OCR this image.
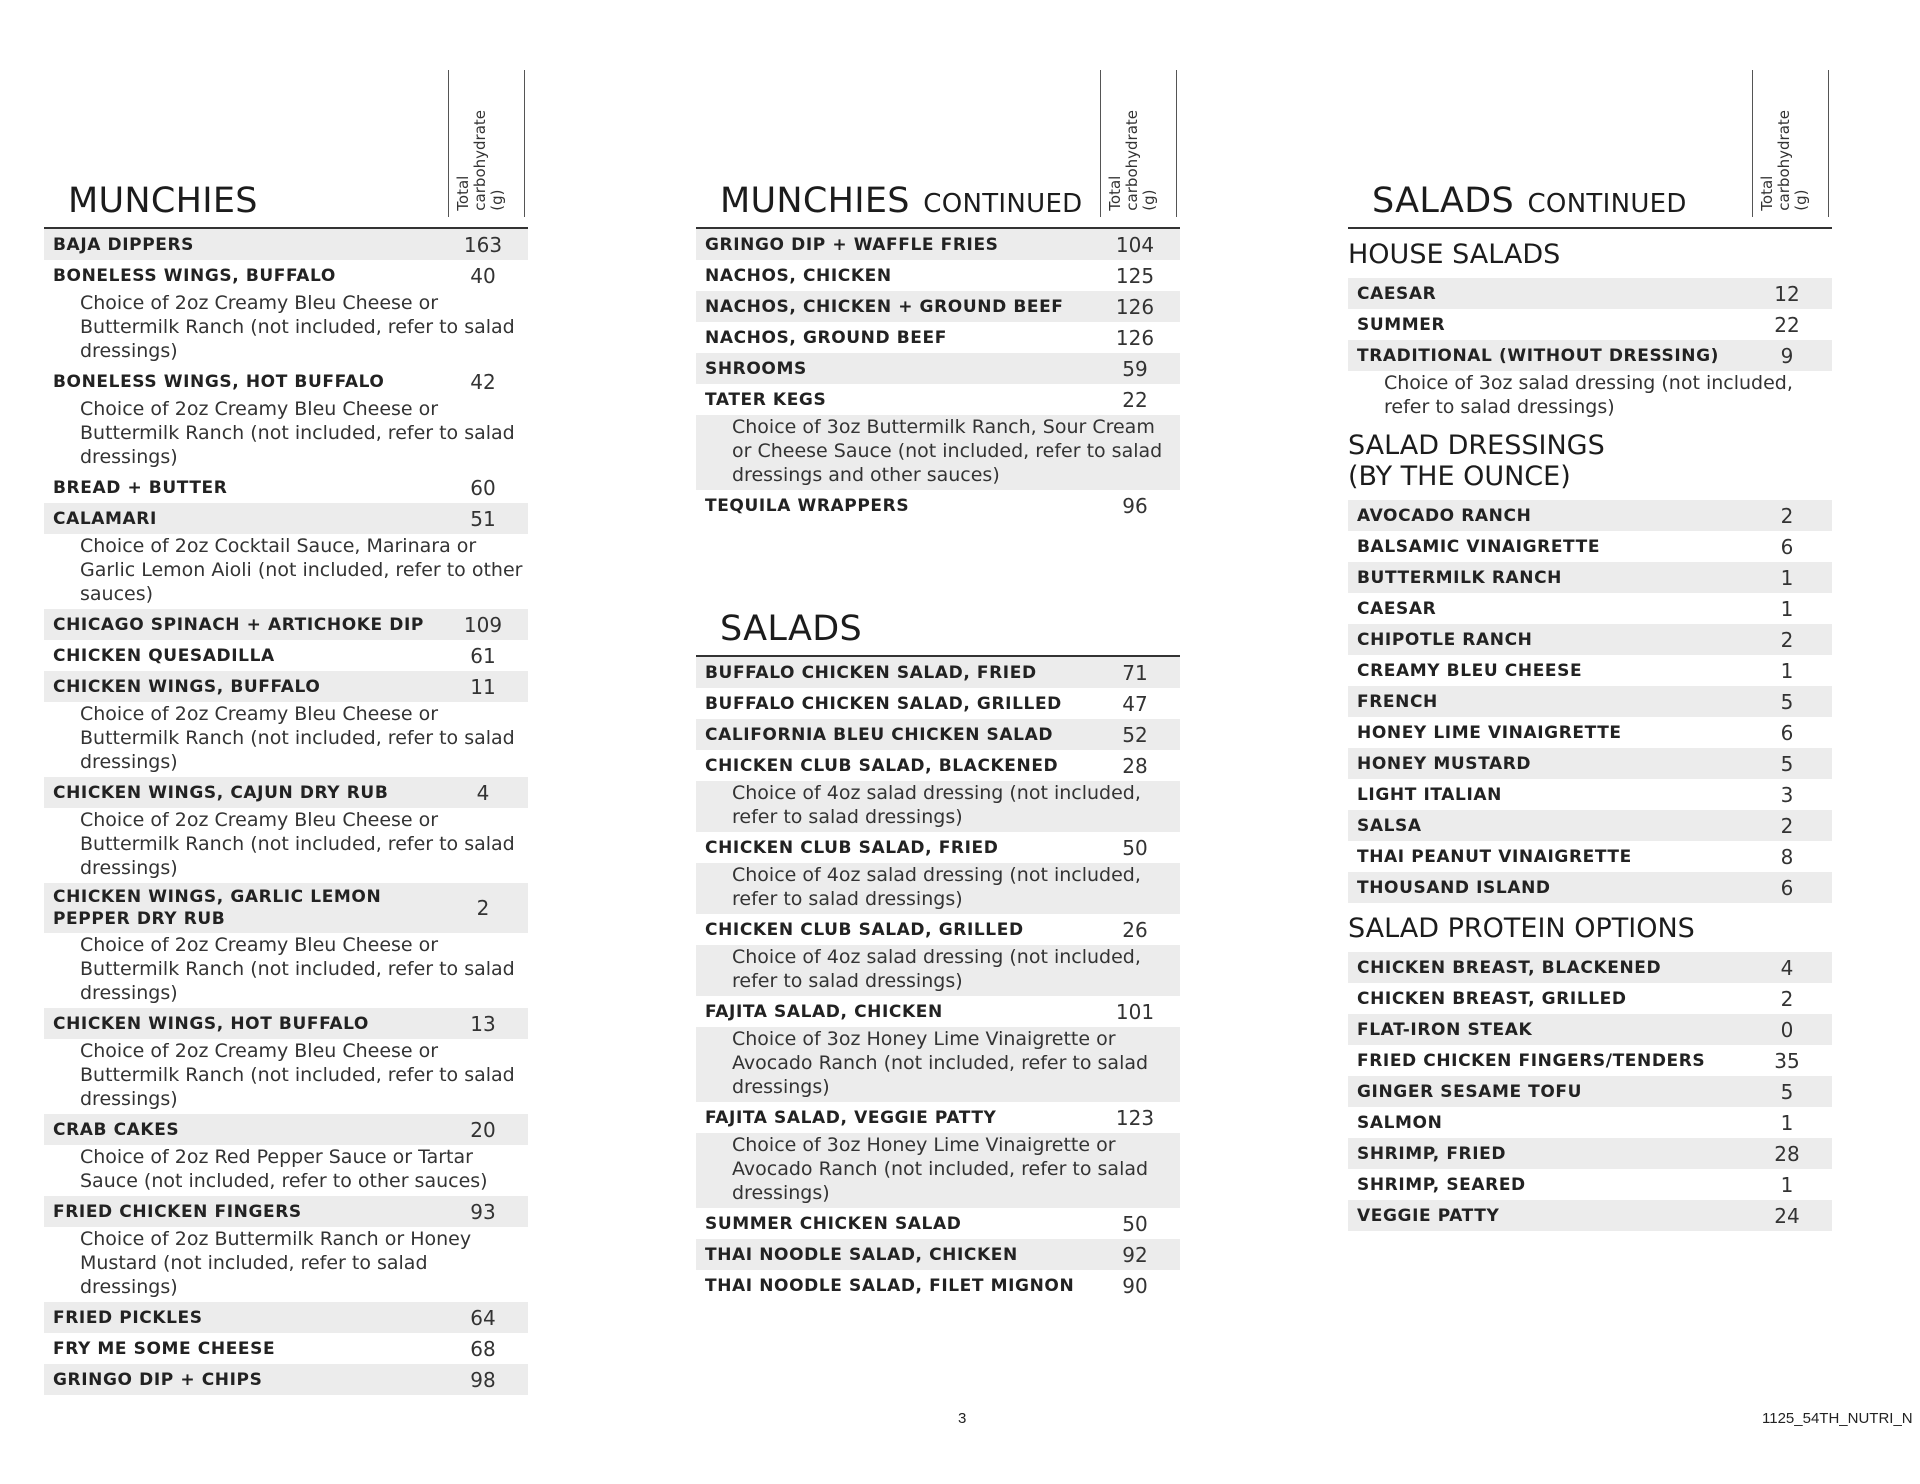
MUNCHIES	Total
carbohydrate
(g)
BAJA DIPPERS	163
BONELESS WINGS, BUFFALO	40
Choice of 2oz Creamy Bleu Cheese or Buttermilk Ranch (not included, refer to salad dressings)
BONELESS WINGS, HOT BUFFALO	42
Choice of 2oz Creamy Bleu Cheese or Buttermilk Ranch (not included, refer to salad dressings)
BREAD + BUTTER	60
CALAMARI	51
Choice of 2oz Cocktail Sauce, Marinara or Garlic Lemon Aioli (not included, refer to other sauces)
CHICAGO SPINACH + ARTICHOKE DIP	109
CHICKEN QUESADILLA	61
CHICKEN WINGS, BUFFALO	11
Choice of 2oz Creamy Bleu Cheese or Buttermilk Ranch (not included, refer to salad dressings)
CHICKEN WINGS, CAJUN DRY RUB	4
Choice of 2oz Creamy Bleu Cheese or Buttermilk Ranch (not included, refer to salad dressings)
CHICKEN WINGS, GARLIC LEMON
PEPPER DRY RUB	2
Choice of 2oz Creamy Bleu Cheese or Buttermilk Ranch (not included, refer to salad dressings)
CHICKEN WINGS, HOT BUFFALO	13
Choice of 2oz Creamy Bleu Cheese or Buttermilk Ranch (not included, refer to salad dressings)
CRAB CAKES	20
Choice of 2oz Red Pepper Sauce or Tartar Sauce (not included, refer to other sauces)
FRIED CHICKEN FINGERS	93
Choice of 2oz Buttermilk Ranch or Honey Mustard (not included, refer to salad dressings)
FRIED PICKLES	64
FRY ME SOME CHEESE	68
GRINGO DIP + CHIPS	98
MUNCHIES CONTINUED Total
carbohydrate
(g)
GRINGO DIP + WAFFLE FRIES	104
NACHOS, CHICKEN	125
NACHOS, CHICKEN + GROUND BEEF	126
NACHOS, GROUND BEEF	126
SHROOMS	59
TATER KEGS	22
Choice of 3oz Buttermilk Ranch, Sour Cream or Cheese Sauce (not included, refer to salad dressings and other sauces)
TEQUILA WRAPPERS	96
SALADS
BUFFALO CHICKEN SALAD, FRIED	71
BUFFALO CHICKEN SALAD, GRILLED	47
CALIFORNIA BLEU CHICKEN SALAD	52
CHICKEN CLUB SALAD, BLACKENED	28
Choice of 4oz salad dressing (not included, refer to salad dressings)
CHICKEN CLUB SALAD, FRIED	50
Choice of 4oz salad dressing (not included, refer to salad dressings)
CHICKEN CLUB SALAD, GRILLED	26
Choice of 4oz salad dressing (not included, refer to salad dressings)
FAJITA SALAD, CHICKEN	101
Choice of 3oz Honey Lime Vinaigrette or Avocado Ranch (not included, refer to salad dressings)
FAJITA SALAD, VEGGIE PATTY	123
Choice of 3oz Honey Lime Vinaigrette or Avocado Ranch (not included, refer to salad dressings)
SUMMER CHICKEN SALAD	50
THAI NOODLE SALAD, CHICKEN	92
THAI NOODLE SALAD, FILET MIGNON	90
SALADS CONTINUED	Total
carbohydrate
(g)
HOUSE SALADS
CAESAR	12
SUMMER	22
TRADITIONAL (WITHOUT DRESSING)	9
Choice of 3oz salad dressing (not included, refer to salad dressings)
SALAD DRESSINGS
(BY THE OUNCE)
AVOCADO RANCH	2
BALSAMIC VINAIGRETTE	6
BUTTERMILK RANCH	1
CAESAR	1
CHIPOTLE RANCH	2
CREAMY BLEU CHEESE	1
FRENCH	5
HONEY LIME VINAIGRETTE	6
HONEY MUSTARD	5
LIGHT ITALIAN	3
SALSA	2
THAI PEANUT VINAIGRETTE	8
THOUSAND ISLAND	6
SALAD PROTEIN OPTIONS
CHICKEN BREAST, BLACKENED	4
CHICKEN BREAST, GRILLED	2
FLAT-IRON STEAK	0
FRIED CHICKEN FINGERS/TENDERS	35
GINGER SESAME TOFU	5
SALMON	1
SHRIMP, FRIED	28
SHRIMP, SEARED	1
VEGGIE PATTY	24
3	1125_54TH_NUTRI_N
